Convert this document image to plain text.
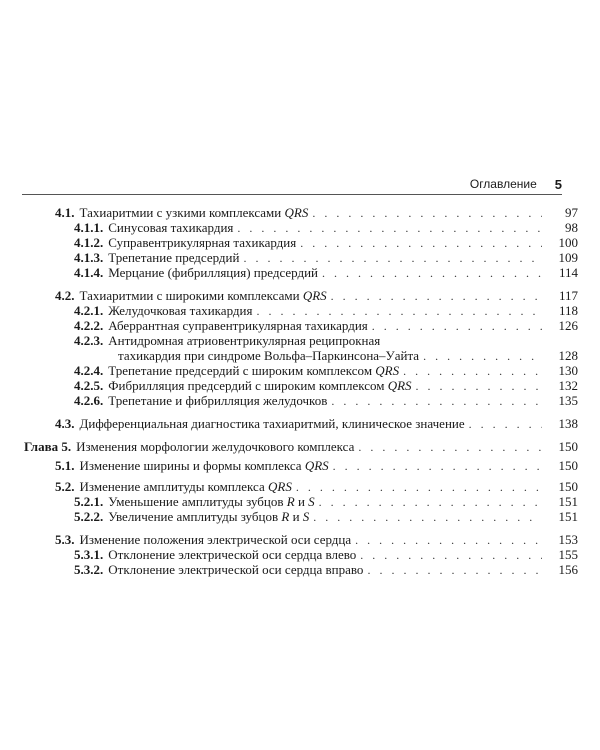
Оглавление 5
4.1. Тахиаритмии с узкими комплексами QRS . . .	97
4.1.1. Синусовая тахикардия . . .	98
4.1.2. Суправентрикулярная тахикардия . . .	100
4.1.3. Трепетание предсердий . . .	109
4.1.4. Мерцание (фибрилляция) предсердий . . .	114
4.2. Тахиаритмии с широкими комплексами QRS . . .	117
4.2.1. Желудочковая тахикардия . . .	118
4.2.2. Аберрантная суправентрикулярная тахикардия . . .	126
4.2.3. Антидромная атриовентрикулярная реципрокная
тахикардия при синдроме Вольфа–Паркинсона–Уайта . . .	128
4.2.4. Трепетание предсердий с широким комплексом QRS . . .	130
4.2.5. Фибрилляция предсердий с широким комплексом QRS . . .	132
4.2.6. Трепетание и фибрилляция желудочков . . .	135
4.3. Дифференциальная диагностика тахиаритмий, клиническое значение . . .	138
Глава 5. Изменения морфологии желудочкового комплекса . . .	150
5.1. Изменение ширины и формы комплекса QRS . . .	150
5.2. Изменение амплитуды комплекса QRS . . .	150
5.2.1. Уменьшение амплитуды зубцов R и S . . .	151
5.2.2. Увеличение амплитуды зубцов R и S . . .	151
5.3. Изменение положения электрической оси сердца . . .	153
5.3.1. Отклонение электрической оси сердца влево . . .	155
5.3.2. Отклонение электрической оси сердца вправо . . .	156
